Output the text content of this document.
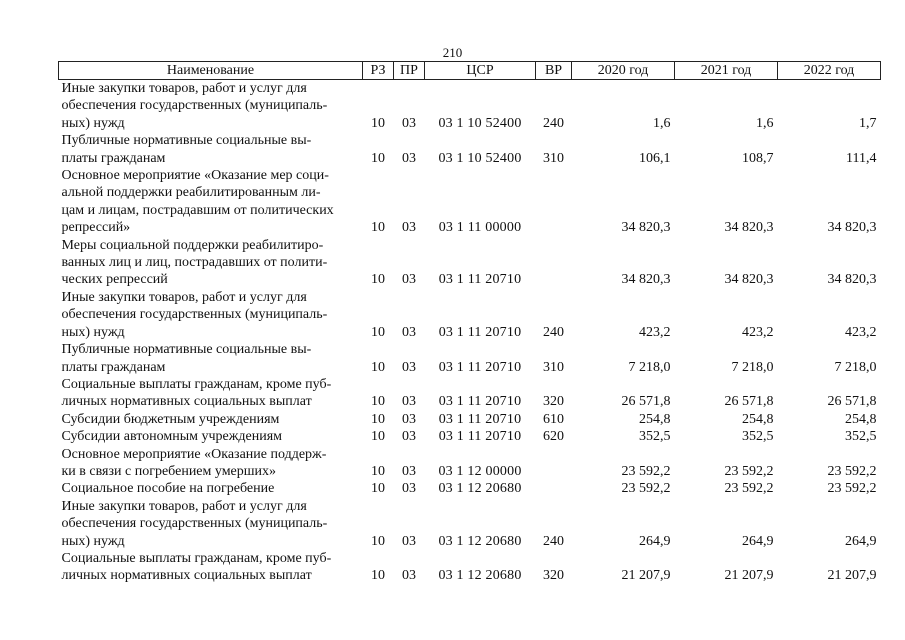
210
Наименование	РЗ	ПР	ЦСР	ВР	2020 год	2021 год	2022 год

Иные закупки товаров, работ и услуг для
обеспечения государственных (муниципаль-
ных) нужд	10	03	03 1 10 52400	240	1,6	1,6	1,7

Публичные нормативные социальные вы-
платы гражданам	10	03	03 1 10 52400	310	106,1	108,7	111,4

Основное мероприятие «Оказание мер соци-
альной поддержки реабилитированным ли-
цам и лицам, пострадавшим от политических
репрессий»	10	03	03 1 11 00000		34 820,3	34 820,3	34 820,3

Меры социальной поддержки реабилитиро-
ванных лиц и лиц, пострадавших от полити-
ческих репрессий	10	03	03 1 11 20710		34 820,3	34 820,3	34 820,3

Иные закупки товаров, работ и услуг для
обеспечения государственных (муниципаль-
ных) нужд	10	03	03 1 11 20710	240	423,2	423,2	423,2

Публичные нормативные социальные вы-
платы гражданам	10	03	03 1 11 20710	310	7 218,0	7 218,0	7 218,0

Социальные выплаты гражданам, кроме пуб-
личных нормативных социальных выплат	10	03	03 1 11 20710	320	26 571,8	26 571,8	26 571,8

Субсидии бюджетным учреждениям	10	03	03 1 11 20710	610	254,8	254,8	254,8

Субсидии автономным учреждениям	10	03	03 1 11 20710	620	352,5	352,5	352,5

Основное мероприятие «Оказание поддерж-
ки в связи с погребением умерших»	10	03	03 1 12 00000		23 592,2	23 592,2	23 592,2

Социальное пособие на погребение	10	03	03 1 12 20680		23 592,2	23 592,2	23 592,2

Иные закупки товаров, работ и услуг для
обеспечения государственных (муниципаль-
ных) нужд	10	03	03 1 12 20680	240	264,9	264,9	264,9

Социальные выплаты гражданам, кроме пуб-
личных нормативных социальных выплат	10	03	03 1 12 20680	320	21 207,9	21 207,9	21 207,9
